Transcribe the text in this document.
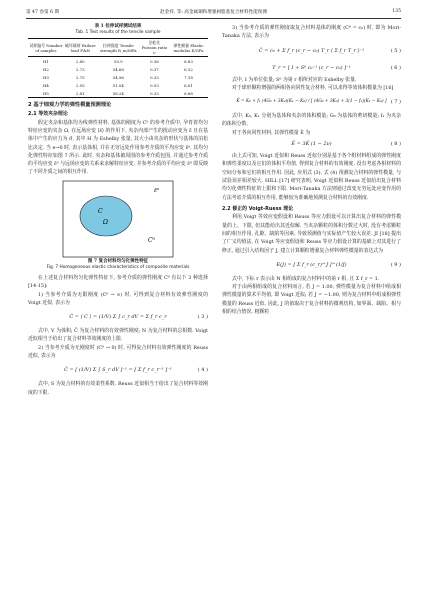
第 47 卷第 6 期	赵金祥, 等: 高金属铜和增强树脂基复合材料性能预测	135
表 1 拉伸试样测试结果
Tab. 1 Test results of the tensile sample
试样编号 Number of samples	破坏载荷 Failure load F/kN	拉伸强度 Tensile strength R_m/MPa	泊松比 Poisson ratio ν	弹性模量 Elastic modulus E/GPa
H1	2.80	55.9	0.36	6.83
H2	2.73	54.68	0.37	6.52
H3	2.75	54.96	0.33	7.18
H4	2.55	51.04	0.53	6.61
H5	2.81	56.24	0.33	6.68
2 基于细观力学的弹性模量预测理论
2.1 等效夹杂理论

假定夹杂和基体均为线弹性材料, 基体的刚度为 C⁰ 的参考介质中, 孕育着均匀特征应变的夹杂 Ω, 在远场应变 ⟨ε̄⟩ 的作用下, 夹杂内部产生的扰动应变为 ε̃ 且在基体中产生的应力为 σ̃, 其中 H 为 Eshelby 张量, 其大小由夹杂的形状与基体的泊松比决定. 当 e→0 时, 表示基体相, 并在无穷远处作用参考介质的平均应变 ε̄⁰, 其均匀化弹性特征如图 7 所示. 此时, 夹杂和基体被周围的参考介质包围, 并通过参考介质的平均应变 ε̄⁰ 与远场应变的关系来求解特征应变, 并参考介质的平均应变 ε̄⁰ 即反映了不同介质之间的相互作用.

C
Ω
C⁰
ε̄⁰
图 7 复合材料均匀化弹性特征
Fig. 7 Homogeneous elastic characteristics of composite materials

在上述复合材料均匀化弹性特征下, 参考介质的弹性刚度 C⁰ 有以下 3 种选择 [14-15]:

1) 当参考介质为无限刚度 (C⁰ → ∞) 时, 可得到复合材料有效弹性刚度的 Voigt 近似, 表示为

C̄ = ⟨ C ⟩ = (1/V) Σ ∫ c_r dV = Σ f_r c_r	( 3 )

式中, V 为体积; C̄ 为复合材料的有效弹性刚度; N 为复合材料的总相数. Voigt 近似相当于给出了复合材料等效刚度的上限.

2) 当参考介质为无刚度时 (C⁰ → 0) 时, 可得复合材料有效弹性刚度的 Reuss 近似, 表示为

C̄ = [ (1/V) Σ ∫ S_r dV ]⁻¹ = [ Σ f_r c_r⁻¹ ]⁻¹	( 4 )

式中, S 为复合材料的有效柔性系数. Reuss 近似相当于给出了复合材料等效刚度的下限.

3) 当参考介质的弹性刚度取复合材料基体的刚度 (C⁰ = c₀) 时, 即为 Mori-Tanaka 方法, 表示为

C̄ = c₀ + Σ f_r (c_r − c₀) T_r ⟨ Σ f_r T_r ⟩⁻¹	( 5 )
T_r = [ I + S⁰ c₀⁻¹ (c_r − c₀) ]⁻¹	( 6 )

式中, I 为单位张量; S⁰ 为第 r 相所对应的 Eshelby 张量.

对于球形颗粒增强的两相各向同性复合材料, 可以求得等效体积模量为 [16]

K̄ = K₀ + f₁ (4G₀ + 3K₀)(K₁ − K₀) / [ (4G₀ + 3K₀) + 3(1 − f₁)(K₁ − K₀) ] ( 7 )

式中, K₀, K₁ 分别为基体和夹杂的体积模量; G₀ 为基体的剪切模量; f₁ 为夹杂的体积分数.

对于各向同性材料, 其弹性模量 Ē 为

Ē = 3K̄ (1 − 2ν)	( 8 )

由上式可知, Voigt 近似和 Reuss 近似分别是基于各个组材料组成的弹性刚度和弹性柔度以及它们的体积平均值, 得到复合材料的有效刚度, 没有考虑各相材料的空间分布和它们的相互作用. 因此, 应用式 (3), 式 (4) 预测复合材料的弹性模量, 与试验误差相差较大. HILL [17] 研究表明, Voigt 近似和 Reuss 近似给出复合材料均匀化弹性特征的上限和下限. Mori-Tanaka 方法则通过改变无穷远处应变作用的方法考虑介质的相互作用, 能够较为准确地预测复合材料的有效刚度.

2.2 修正的 Voigt-Ruess 理论

利用 Voigt 等效应变假设和 Reuss 等应力假设可以计算出复合材料的弹性模量的上、下限, 但其能给出其近似解. 当夹杂颗粒的体积分数过大时, 没有考虑颗粒间的相互作用, 孔隙、缺陷等因素, 导致预测值与实际值产生较大误差. JI [18] 提出了广义均值法, 在 Voigt 等应变假设和 Reuss 等应力假设计算的基础上对其进行了修正, 通过引入结构因子 J, 建立计算颗粒增强复合材料弹性模量的表达式为

E(J) = [ Σ f_r (c_r)^J ]^(1/J)	( 9 )

式中, 下标 r 表示由 N 相组成的复合材料中的第 r 相, 且 Σ f_r = 1.

对于由两相组成的复合材料而言, 若 J = 1.00, 弹性模量为复合材料中组成相弹性模量的算术平均值, 即 Voigt 近似; 若 J = −1.00, 则为复合材料中组成相弹性模量的 Reuss 近似. 因此, J 的值取决于复合材料的微观结构, 如界面、缺陷、相与相的结合情况. 粗颗粒
